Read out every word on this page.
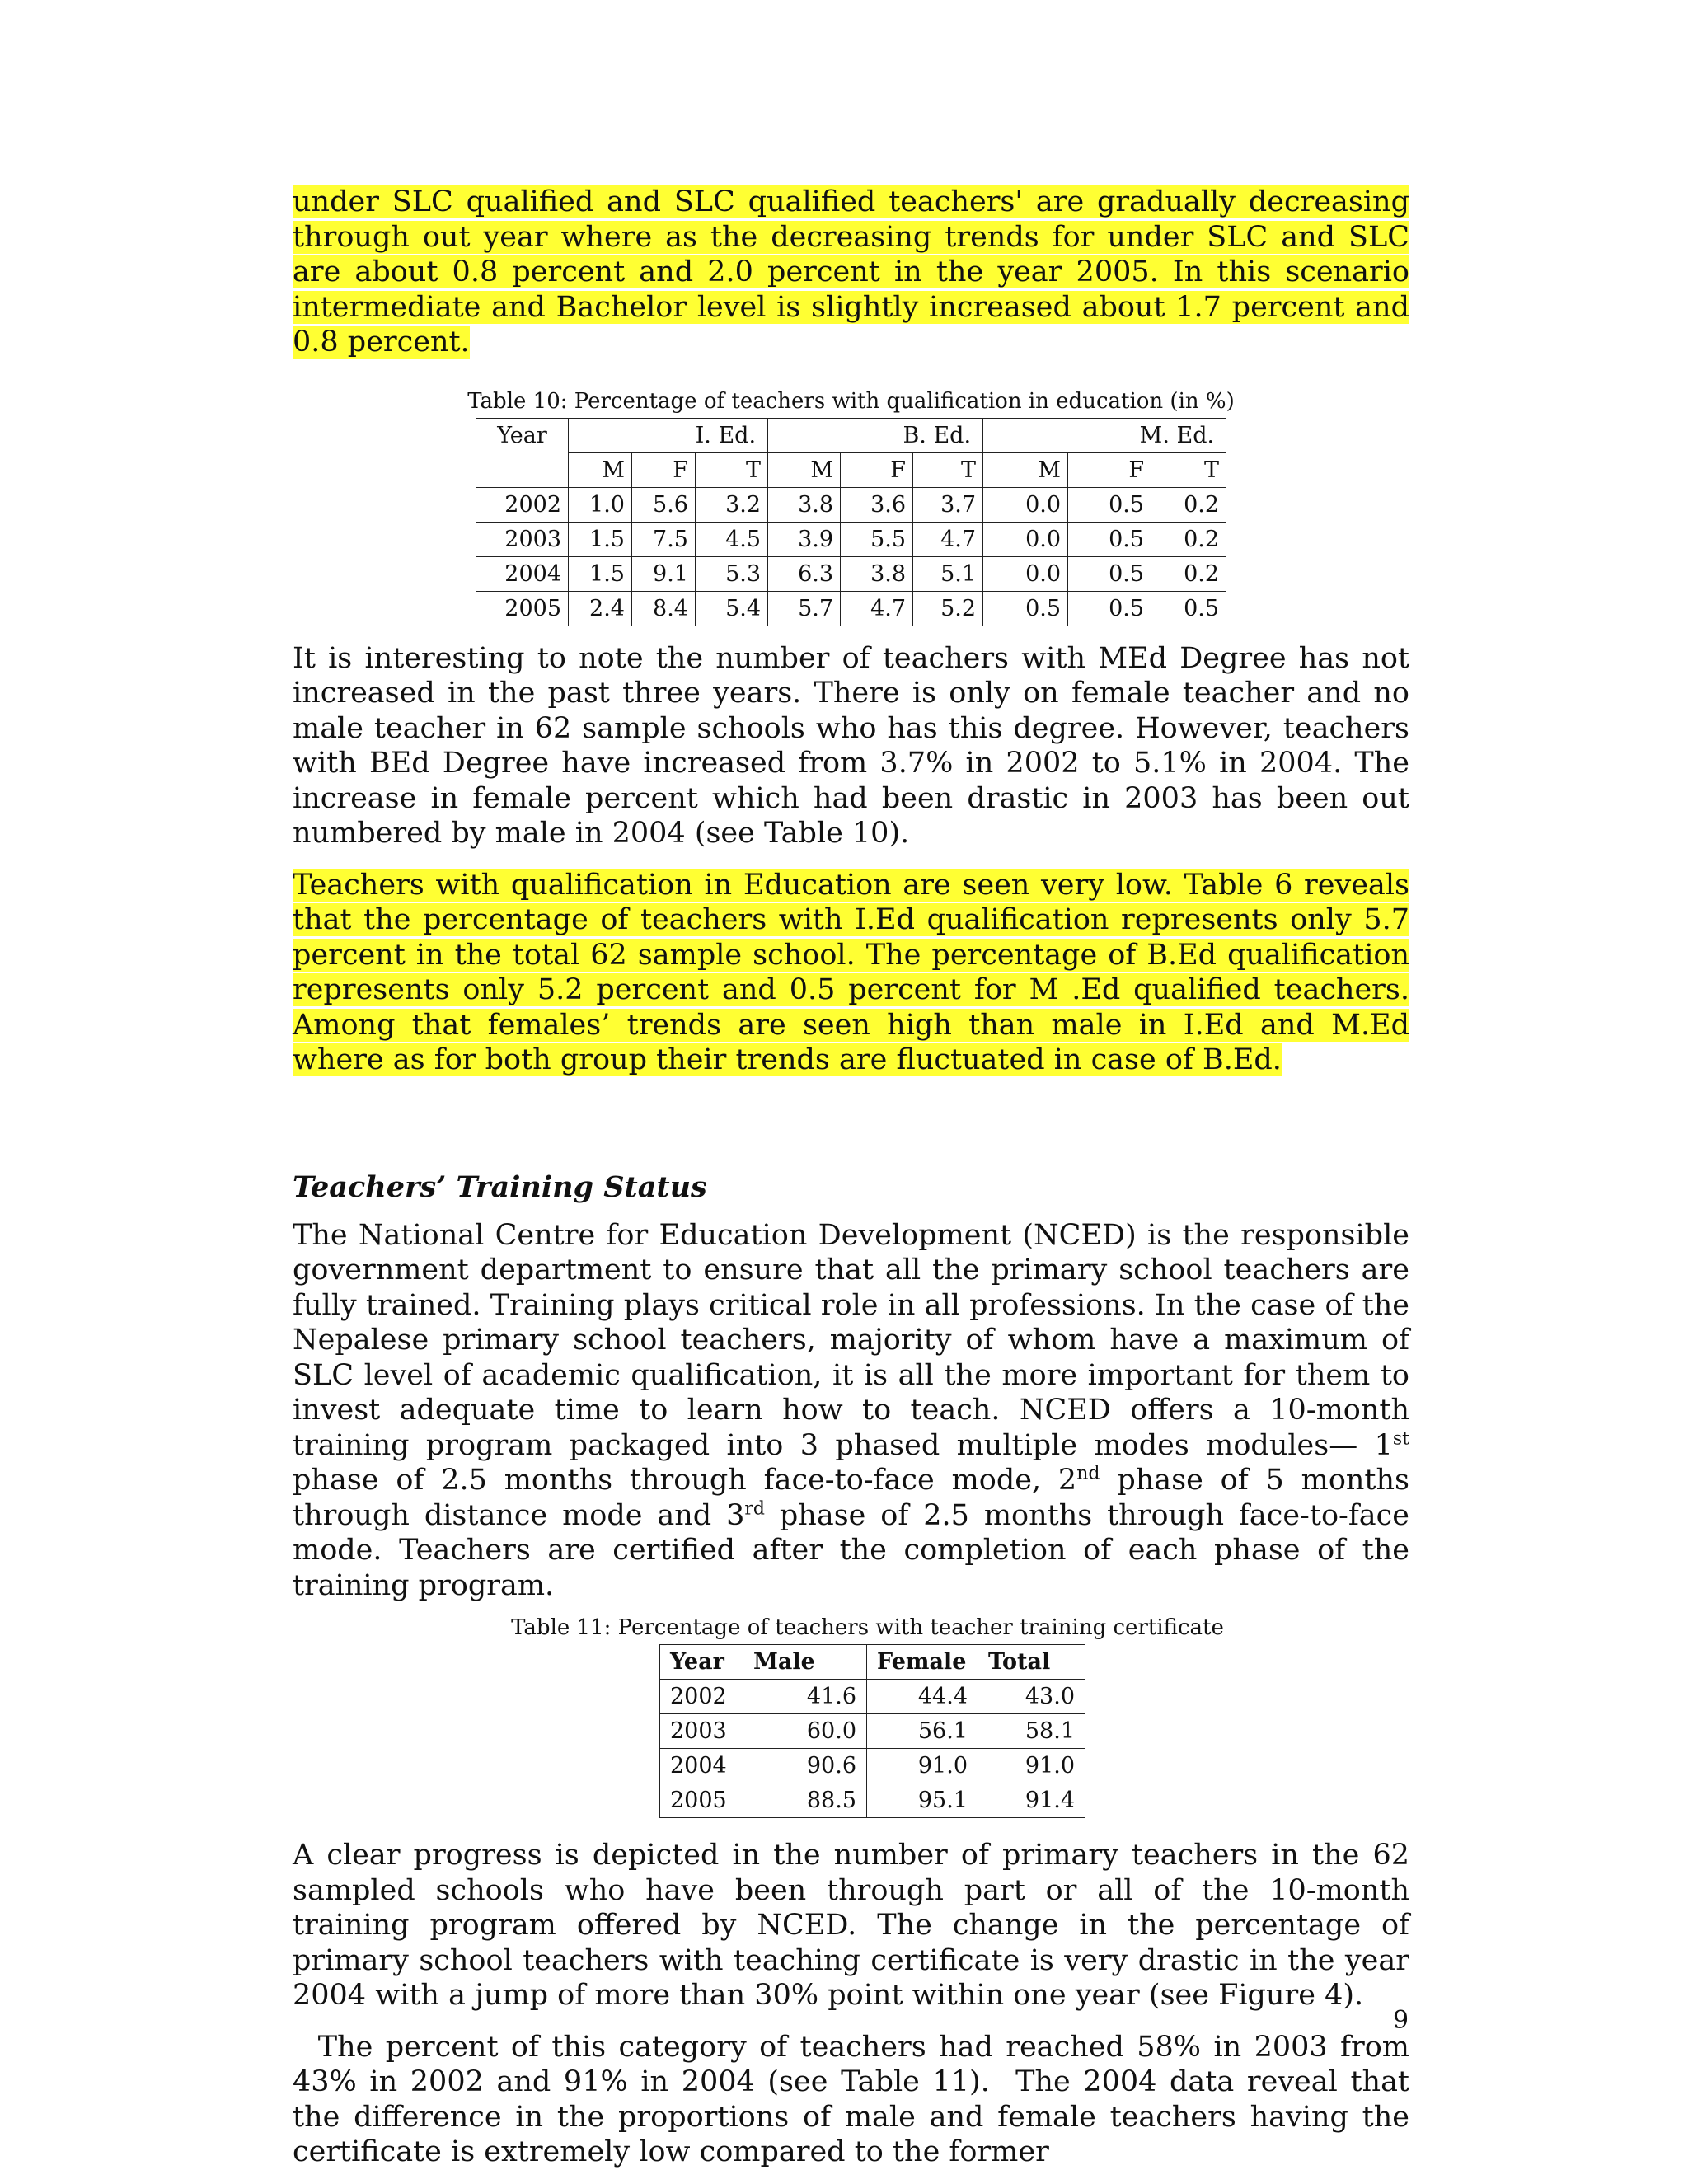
under SLC qualified and SLC qualified teachers' are gradually decreasing through out year where as the decreasing trends for under SLC and SLC are about 0.8 percent and 2.0 percent in the year 2005. In this scenario intermediate and Bachelor level is slightly increased about 1.7 percent and 0.8 percent.

Table 10: Percentage of teachers with qualification in education (in %)
Year	I. Ed.			B. Ed.			M. Ed.		
	M	F	T	M	F	T	M	F	T
2002	1.0	5.6	3.2	3.8	3.6	3.7	0.0	0.5	0.2
2003	1.5	7.5	4.5	3.9	5.5	4.7	0.0	0.5	0.2
2004	1.5	9.1	5.3	6.3	3.8	5.1	0.0	0.5	0.2
2005	2.4	8.4	5.4	5.7	4.7	5.2	0.5	0.5	0.5

It is interesting to note the number of teachers with MEd Degree has not increased in the past three years. There is only on female teacher and no male teacher in 62 sample schools who has this degree. However, teachers with BEd Degree have increased from 3.7% in 2002 to 5.1% in 2004. The increase in female percent which had been drastic in 2003 has been out numbered by male in 2004 (see Table 10).

Teachers with qualification in Education are seen very low. Table 6 reveals that the percentage of teachers with I.Ed qualification represents only 5.7 percent in the total 62 sample school. The percentage of B.Ed qualification represents only 5.2 percent and 0.5 percent for M .Ed qualified teachers. Among that females’ trends are seen high than male in I.Ed and M.Ed where as for both group their trends are fluctuated in case of B.Ed.

Teachers’ Training Status

The National Centre for Education Development (NCED) is the responsible government department to ensure that all the primary school teachers are fully trained. Training plays critical role in all professions. In the case of the Nepalese primary school teachers, majority of whom have a maximum of SLC level of academic qualification, it is all the more important for them to invest adequate time to learn how to teach. NCED offers a 10-month training program packaged into 3 phased multiple modes modules— 1st phase of 2.5 months through face-to-face mode, 2nd phase of 5 months through distance mode and 3rd phase of 2.5 months through face-to-face mode. Teachers are certified after the completion of each phase of the training program.

Table 11: Percentage of teachers with teacher training certificate
Year	Male	Female	Total
2002	41.6	44.4	43.0
2003	60.0	56.1	58.1
2004	90.6	91.0	91.0
2005	88.5	95.1	91.4

A clear progress is depicted in the number of primary teachers in the 62 sampled schools who have been through part or all of the 10-month training program offered by NCED. The change in the percentage of primary school teachers with teaching certificate is very drastic in the year 2004 with a jump of more than 30% point within one year (see Figure 4).

The percent of this category of teachers had reached 58% in 2003 from 43% in 2002 and 91% in 2004 (see Table 11).  The 2004 data reveal that the difference in the proportions of male and female teachers having the certificate is extremely low compared to the former

9
